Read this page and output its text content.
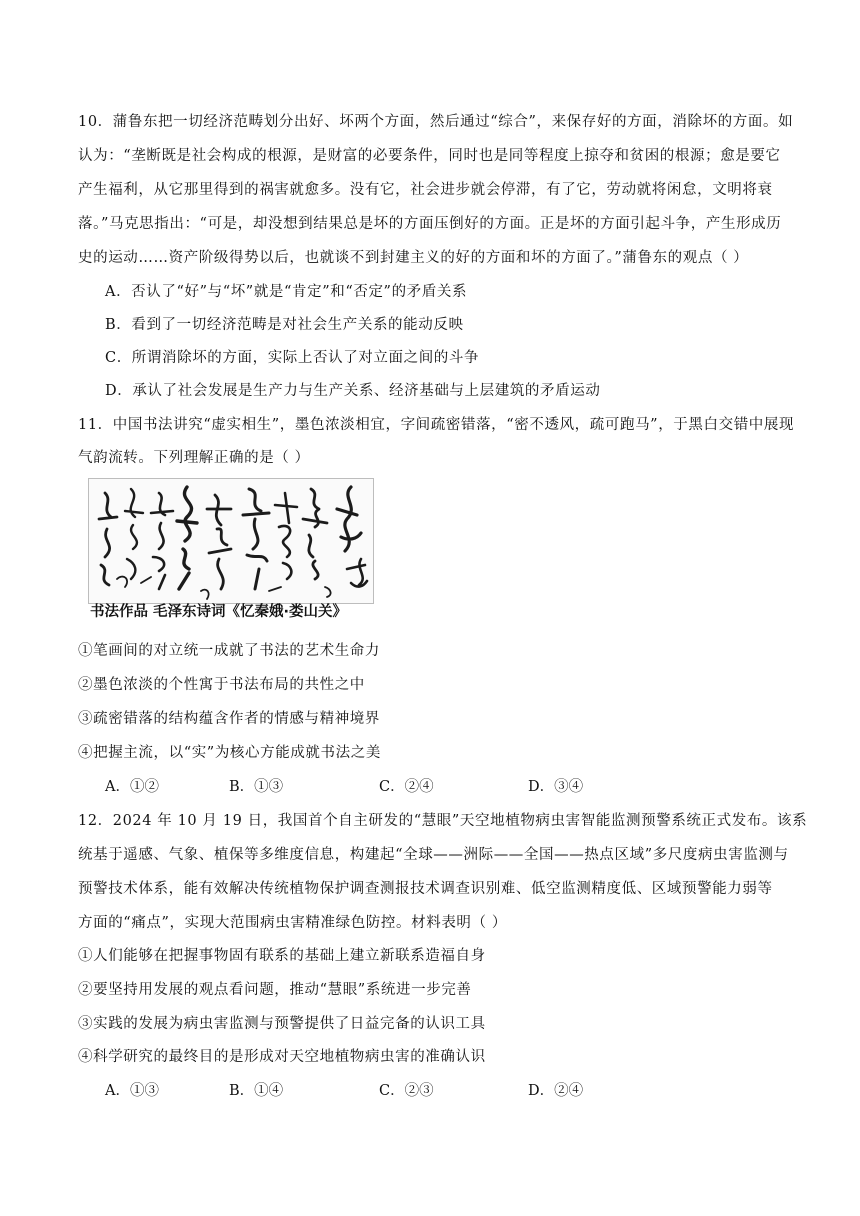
10．蒲鲁东把一切经济范畴划分出好、坏两个方面，然后通过“综合”，来保存好的方面，消除坏的方面。如
认为：“垄断既是社会构成的根源，是财富的必要条件，同时也是同等程度上掠夺和贫困的根源；愈是要它
产生福利，从它那里得到的祸害就愈多。没有它，社会进步就会停滞，有了它，劳动就将闲怠，文明将衰
落。”马克思指出：“可是，却没想到结果总是坏的方面压倒好的方面。正是坏的方面引起斗争，产生形成历
史的运动……资产阶级得势以后，也就谈不到封建主义的好的方面和坏的方面了。”蒲鲁东的观点（ ）
A．否认了“好”与“坏”就是“肯定”和“否定”的矛盾关系
B．看到了一切经济范畴是对社会生产关系的能动反映
C．所谓消除坏的方面，实际上否认了对立面之间的斗争
D．承认了社会发展是生产力与生产关系、经济基础与上层建筑的矛盾运动
11．中国书法讲究“虚实相生”，墨色浓淡相宜，字间疏密错落，“密不透风，疏可跑马”，于黑白交错中展现
气韵流转。下列理解正确的是（ ）
书法作品 毛泽东诗词《忆秦娥·娄山关》
①笔画间的对立统一成就了书法的艺术生命力
②墨色浓淡的个性寓于书法布局的共性之中
③疏密错落的结构蕴含作者的情感与精神境界
④把握主流，以“实”为核心方能成就书法之美
A．①②	B．①③	C．②④	D．③④
12．2024 年 10 月 19 日，我国首个自主研发的“慧眼”天空地植物病虫害智能监测预警系统正式发布。该系
统基于遥感、气象、植保等多维度信息，构建起“全球——洲际——全国——热点区域”多尺度病虫害监测与
预警技术体系，能有效解决传统植物保护调查测报技术调查识别难、低空监测精度低、区域预警能力弱等
方面的“痛点”，实现大范围病虫害精准绿色防控。材料表明（ ）
①人们能够在把握事物固有联系的基础上建立新联系造福自身
②要坚持用发展的观点看问题，推动“慧眼”系统进一步完善
③实践的发展为病虫害监测与预警提供了日益完备的认识工具
④科学研究的最终目的是形成对天空地植物病虫害的准确认识
A．①③	B．①④	C．②③	D．②④
